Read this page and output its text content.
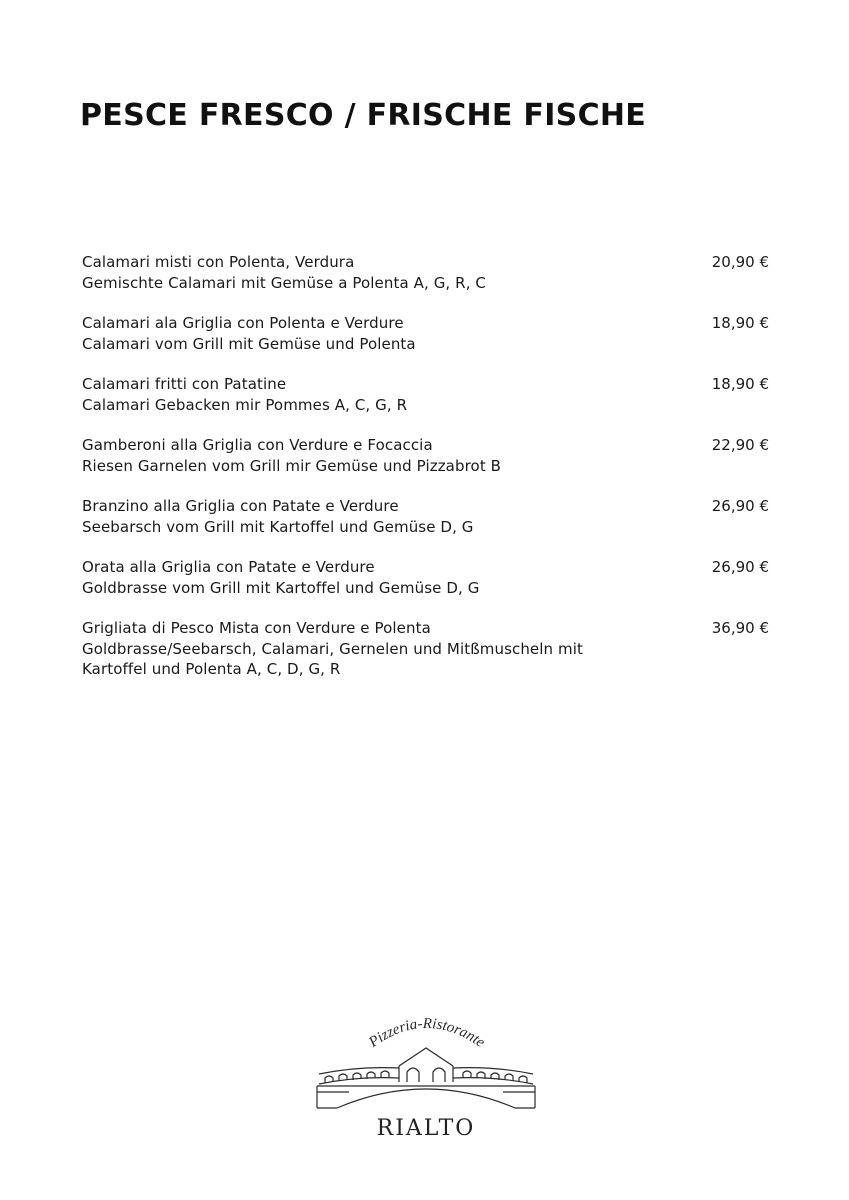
PESCE FRESCO / FRISCHE FISCHE
Calamari misti con Polenta, Verdura
Gemischte Calamari mit Gemüse a Polenta A, G, R, C
20,90 €
Calamari ala Griglia con Polenta e Verdure
Calamari vom Grill mit Gemüse und Polenta
18,90 €
Calamari fritti con Patatine
Calamari Gebacken mir Pommes A, C, G, R
18,90 €
Gamberoni alla Griglia con Verdure e Focaccia
Riesen Garnelen vom Grill mir Gemüse und Pizzabrot B
22,90 €
Branzino alla Griglia con Patate e Verdure
Seebarsch vom Grill mit Kartoffel und Gemüse D, G
26,90 €
Orata alla Griglia con Patate e Verdure
Goldbrasse vom Grill mit Kartoffel und Gemüse D, G
26,90 €
Grigliata di Pesco Mista con Verdure e Polenta
Goldbrasse/Seebarsch, Calamari, Gernelen und Mitßmuscheln mit
Kartoffel und Polenta A, C, D, G, R
36,90 €
Pizzeria-Ristorante
RIALTO
